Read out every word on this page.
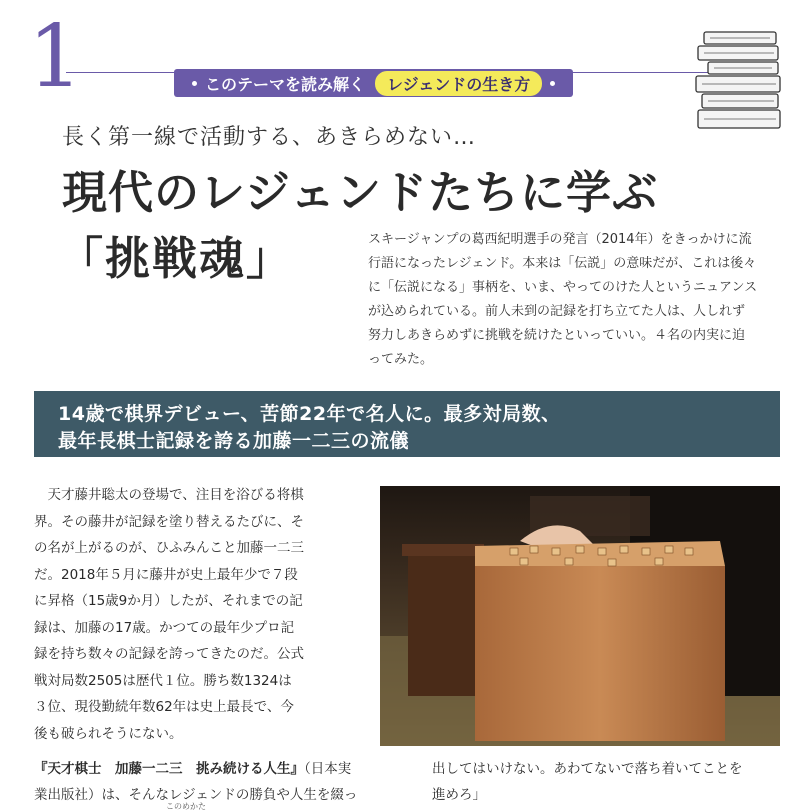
1	このテーマを読み解く	レジェンドの生き方
長く第一線で活動する、あきらめない…
現代のレジェンドたちに学ぶ
「挑戦魂」	スキージャンプの葛西紀明選手の発言（2014年）をきっかけに流

行語になったレジェンド。本来は「伝説」の意味だが、これは後々

に「伝説になる」事柄を、いま、やってのけた人というニュアンス

が込められている。前人未到の記録を打ち立てた人は、人しれず

努力しあきらめずに挑戦を続けたといっていい。４名の内実に迫

ってみた。

14歳で棋界デビュー、苦節22年で名人に。最多対局数、
最年長棋士記録を誇る加藤一二三の流儀

　天才藤井聡太の登場で、注目を浴びる将棋

界。その藤井が記録を塗り替えるたびに、そ

の名が上がるのが、ひふみんこと加藤一二三

だ。2018年５月に藤井が史上最年少で７段

に昇格（15歳9か月）したが、それまでの記

録は、加藤の17歳。かつての最年少プロ記

録を持ち数々の記録を誇ってきたのだ。公式

戦対局数2505は歴代１位。勝ち数1324は

３位、現役勤続年数62年は史上最長で、今

後も破られそうにない。

『天才棋士　加藤一二三　挑み続ける人生』（日本実
業出版社）は、そんなレジェンドの勝負や人生を綴っ
このめかた

出してはいけない。あわてないで落ち着いてことを

進めろ」
